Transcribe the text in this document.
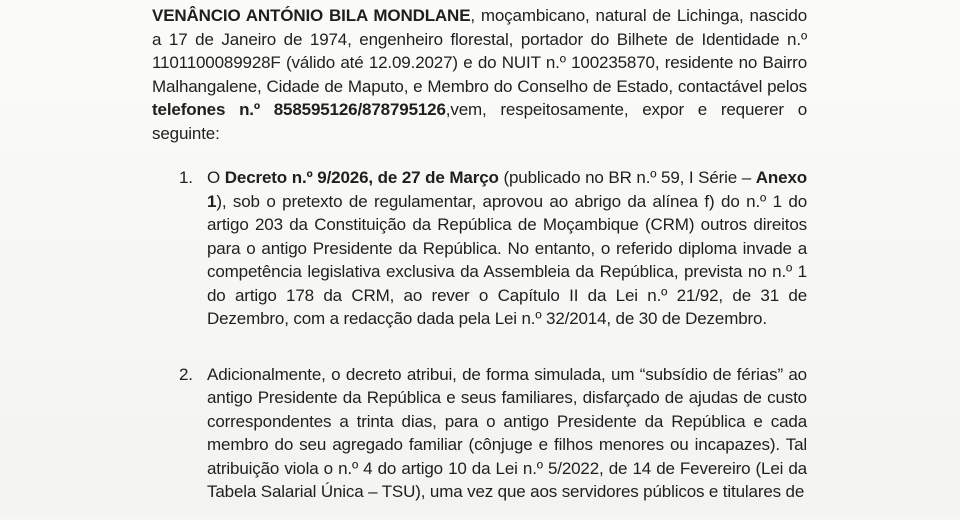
VENÂNCIO ANTÓNIO BILA MONDLANE, moçambicano, natural de Lichinga, nascido a 17 de Janeiro de 1974, engenheiro florestal, portador do Bilhete de Identidade n.º 1101100089928F (válido até 12.09.2027) e do NUIT n.º 100235870, residente no Bairro Malhangalene, Cidade de Maputo, e Membro do Conselho de Estado, contactável pelos telefones n.º 858595126/878795126,vem, respeitosamente, expor e requerer o seguinte:

1. O Decreto n.º 9/2026, de 27 de Março (publicado no BR n.º 59, I Série – Anexo 1), sob o pretexto de regulamentar, aprovou ao abrigo da alínea f) do n.º 1 do artigo 203 da Constituição da República de Moçambique (CRM) outros direitos para o antigo Presidente da República. No entanto, o referido diploma invade a competência legislativa exclusiva da Assembleia da República, prevista no n.º 1 do artigo 178 da CRM, ao rever o Capítulo II da Lei n.º 21/92, de 31 de Dezembro, com a redacção dada pela Lei n.º 32/2014, de 30 de Dezembro.

2. Adicionalmente, o decreto atribui, de forma simulada, um “subsídio de férias” ao antigo Presidente da República e seus familiares, disfarçado de ajudas de custo correspondentes a trinta dias, para o antigo Presidente da República e cada membro do seu agregado familiar (cônjuge e filhos menores ou incapazes). Tal atribuição viola o n.º 4 do artigo 10 da Lei n.º 5/2022, de 14 de Fevereiro (Lei da Tabela Salarial Única – TSU), uma vez que aos servidores públicos e titulares de
